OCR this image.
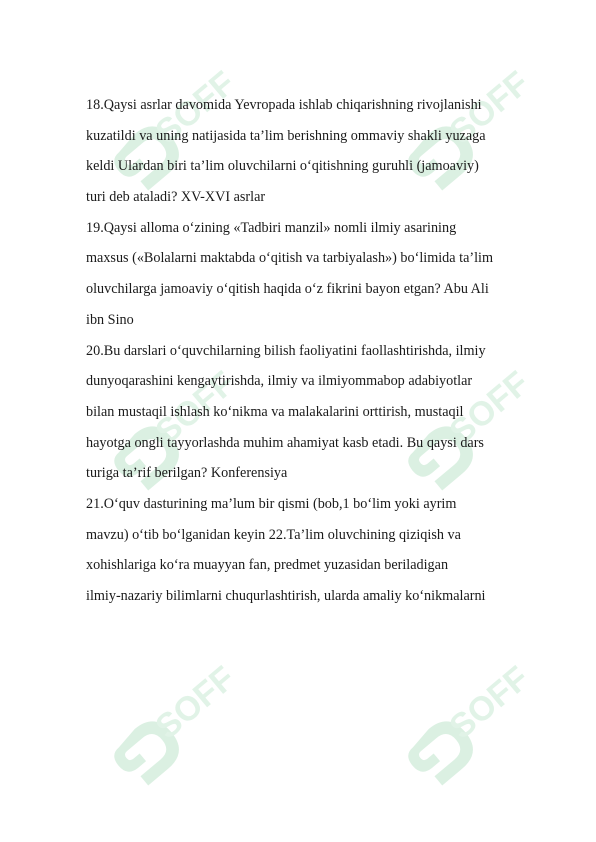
SOFF	SOFF
SOFF	SOFF
SOFF	SOFF
18.Qaysi asrlar davomida Yevropada ishlab chiqarishning rivojlanishi
kuzatildi va uning natijasida ta’lim berishning ommaviy shakli yuzaga
keldi Ulardan biri ta’lim oluvchilarni o‘qitishning guruhli (jamoaviy)
turi deb ataladi? XV-XVI asrlar
19.Qaysi alloma o‘zining «Tadbiri manzil» nomli ilmiy asarining
maxsus («Bolalarni maktabda o‘qitish va tarbiyalash») bo‘limida ta’lim
oluvchilarga jamoaviy o‘qitish haqida o‘z fikrini bayon etgan? Abu Ali
ibn Sino
20.Bu darslari o‘quvchilarning bilish faoliyatini faollashtirishda, ilmiy
dunyoqarashini kengaytirishda, ilmiy va ilmiyommabop adabiyotlar
bilan mustaqil ishlash ko‘nikma va malakalarini orttirish, mustaqil
hayotga ongli tayyorlashda muhim ahamiyat kasb etadi. Bu qaysi dars
turiga ta’rif berilgan? Konferensiya
21.O‘quv dasturining ma’lum bir qismi (bob,1 bo‘lim yoki ayrim
mavzu) o‘tib bo‘lganidan keyin 22.Ta’lim oluvchining qiziqish va
xohishlariga ko‘ra muayyan fan, predmet yuzasidan beriladigan
ilmiy-nazariy bilimlarni chuqurlashtirish, ularda amaliy ko‘nikmalarni
